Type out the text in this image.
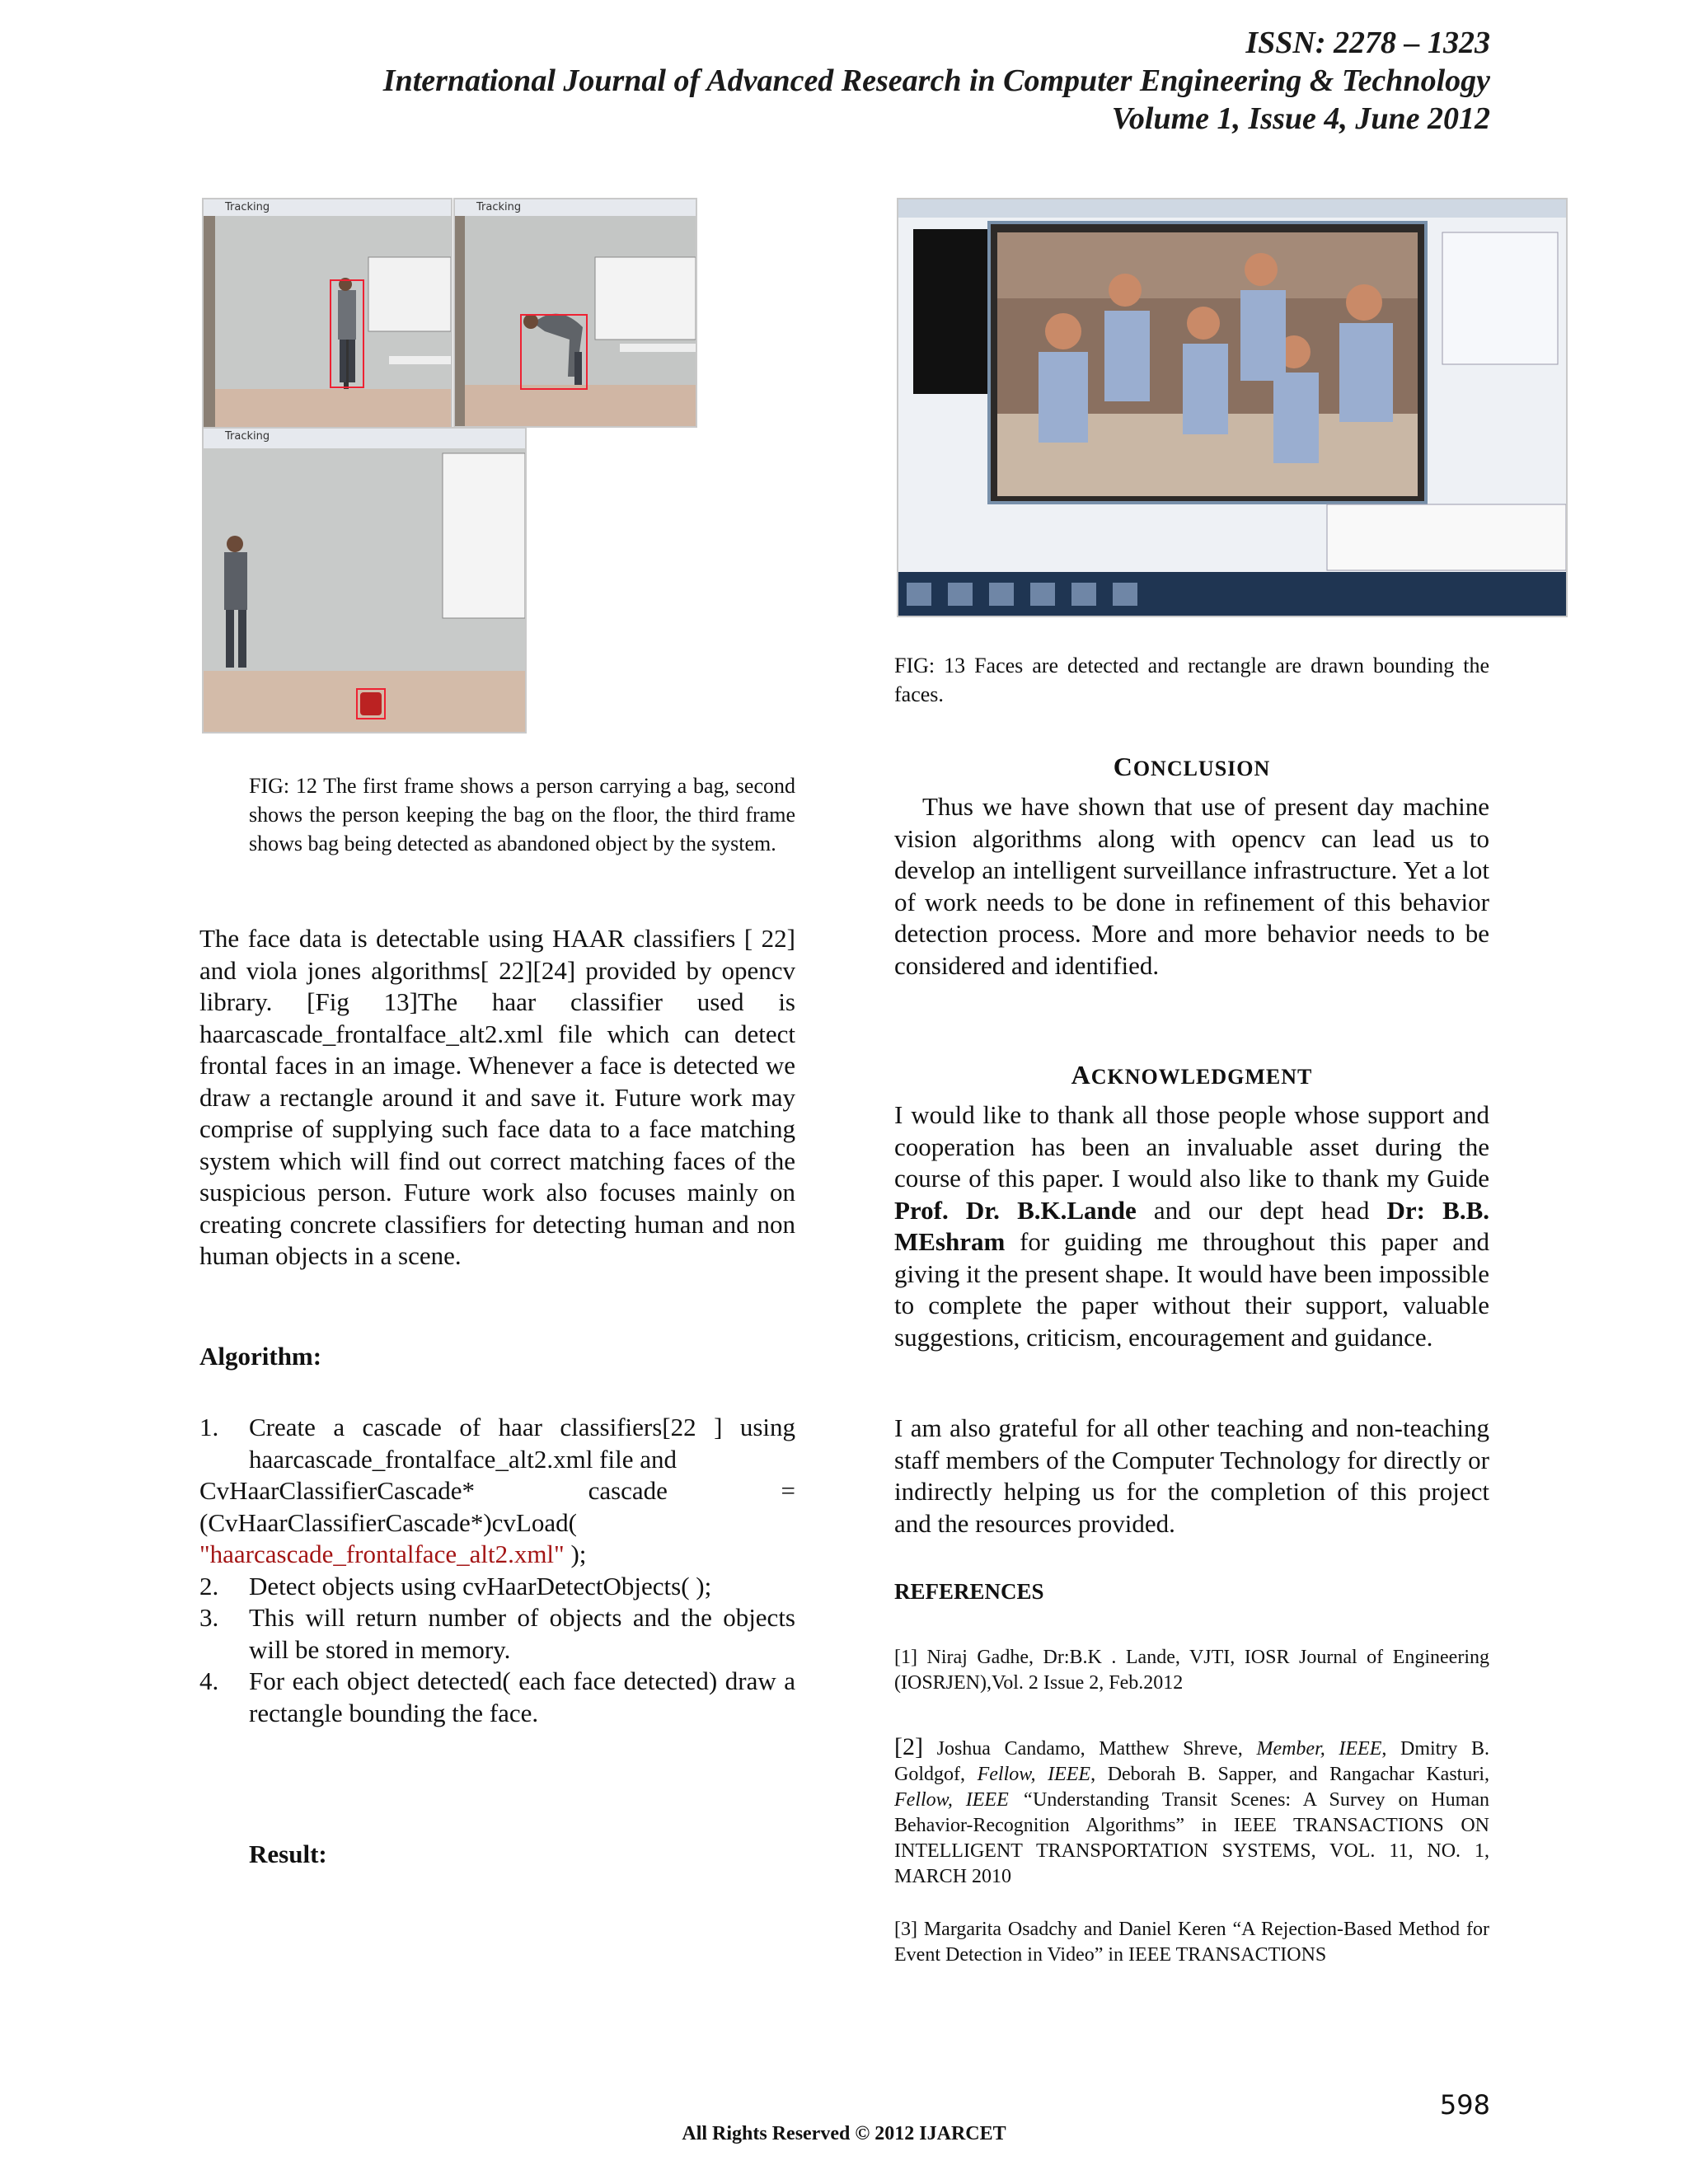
ISSN: 2278 – 1323
International Journal of Advanced Research in Computer Engineering & Technology
Volume 1, Issue 4, June 2012
Tracking	Tracking
Tracking
FIG: 12 The first frame shows a person carrying a bag, second shows the person keeping the bag on the floor, the third frame shows bag being detected as abandoned object by the system.
The face data is detectable using HAAR classifiers [ 22] and viola jones algorithms[ 22][24] provided by opencv library. [Fig 13]The haar classifier used is haarcascade_frontalface_alt2.xml file which can detect frontal faces in an image. Whenever a face is detected we draw a rectangle around it and save it. Future work may comprise of supplying such face data to a face matching system which will find out correct matching faces of the suspicious person. Future work also focuses mainly on creating concrete classifiers for detecting human and non human objects in a scene.
Algorithm:
1. Create a cascade of haar classifiers[22 ] using haarcascade_frontalface_alt2.xml file and
CvHaarClassifierCascade*	cascade	=
(CvHaarClassifierCascade*)cvLoad(
"haarcascade_frontalface_alt2.xml" );
2. Detect objects using cvHaarDetectObjects( );
3. This will return number of objects and the objects will be stored in memory.
4. For each object detected( each face detected) draw a rectangle bounding the face.
Result:
FIG: 13 Faces are detected and rectangle are drawn bounding the faces.
CONCLUSION
Thus we have shown that use of present day machine vision algorithms along with opencv can lead us to develop an intelligent surveillance infrastructure. Yet a lot of work needs to be done in refinement of this behavior detection process. More and more behavior needs to be considered and identified.
ACKNOWLEDGMENT
I would like to thank all those people whose support and cooperation has been an invaluable asset during the course of this paper. I would also like to thank my Guide Prof. Dr. B.K.Lande and our dept head Dr: B.B. MEshram for guiding me throughout this paper and giving it the present shape. It would have been impossible to complete the paper without their support, valuable suggestions, criticism, encouragement and guidance.
I am also grateful for all other teaching and non-teaching staff members of the Computer Technology for directly or indirectly helping us for the completion of this project and the resources provided.
REFERENCES
[1] Niraj Gadhe, Dr:B.K . Lande, VJTI, IOSR Journal of Engineering (IOSRJEN),Vol. 2 Issue 2, Feb.2012
[2] Joshua Candamo, Matthew Shreve, Member, IEEE, Dmitry B. Goldgof, Fellow, IEEE, Deborah B. Sapper, and Rangachar Kasturi, Fellow, IEEE “Understanding Transit Scenes: A Survey on Human Behavior-Recognition Algorithms” in IEEE TRANSACTIONS ON INTELLIGENT TRANSPORTATION SYSTEMS, VOL. 11, NO. 1, MARCH 2010
[3] Margarita Osadchy and Daniel Keren “A Rejection-Based Method for Event Detection in Video” in IEEE TRANSACTIONS
598
All Rights Reserved © 2012 IJARCET
